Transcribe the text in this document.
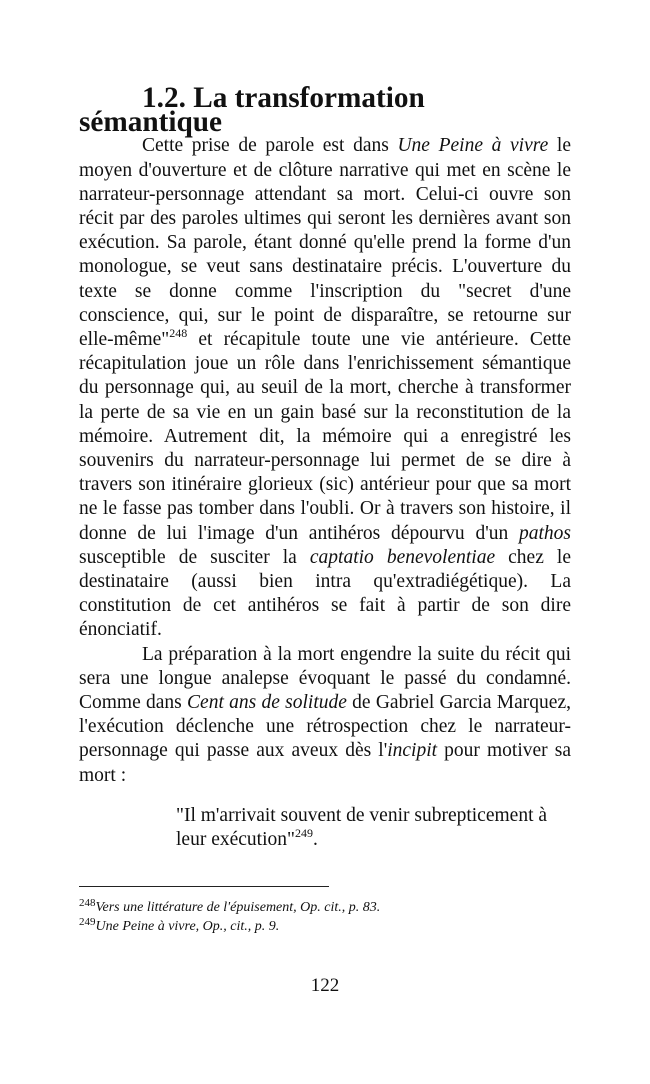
1.2. La transformation sémantique

Cette prise de parole est dans Une Peine à vivre le moyen d'ouverture et de clôture narrative qui met en scène le narrateur-personnage attendant sa mort. Celui-ci ouvre son récit par des paroles ultimes qui seront les dernières avant son exécution. Sa parole, étant donné qu'elle prend la forme d'un monologue, se veut sans destinataire précis. L'ouverture du texte se donne comme l'inscription du "secret d'une conscience, qui, sur le point de disparaître, se retourne sur elle-même"$^{248}$ et récapitule toute une vie antérieure. Cette récapitulation joue un rôle dans l'enrichissement sémantique du personnage qui, au seuil de la mort, cherche à transformer la perte de sa vie en un gain basé sur la reconstitution de la mémoire. Autrement dit, la mémoire qui a enregistré les souvenirs du narrateur-personnage lui permet de se dire à travers son itinéraire glorieux (sic) antérieur pour que sa mort ne le fasse pas tomber dans l'oubli. Or à travers son histoire, il donne de lui l'image d'un antihéros dépourvu d'un pathos susceptible de susciter la captatio benevolentiae chez le destinataire (aussi bien intra qu'extradiégétique). La constitution de cet antihéros se fait à partir de son dire énonciatif.

La préparation à la mort engendre la suite du récit qui sera une longue analepse évoquant le passé du condamné. Comme dans Cent ans de solitude de Gabriel Garcia Marquez, l'exécution déclenche une rétrospection chez le narrateur-personnage qui passe aux aveux dès l'incipit pour motiver sa mort :

"Il m'arrivait souvent de venir subrepticement à leur exécution"$^{249}$.

$^{248}$Vers une littérature de l'épuisement, Op. cit., p. 83.

$^{249}$Une Peine à vivre, Op., cit., p. 9.

122
